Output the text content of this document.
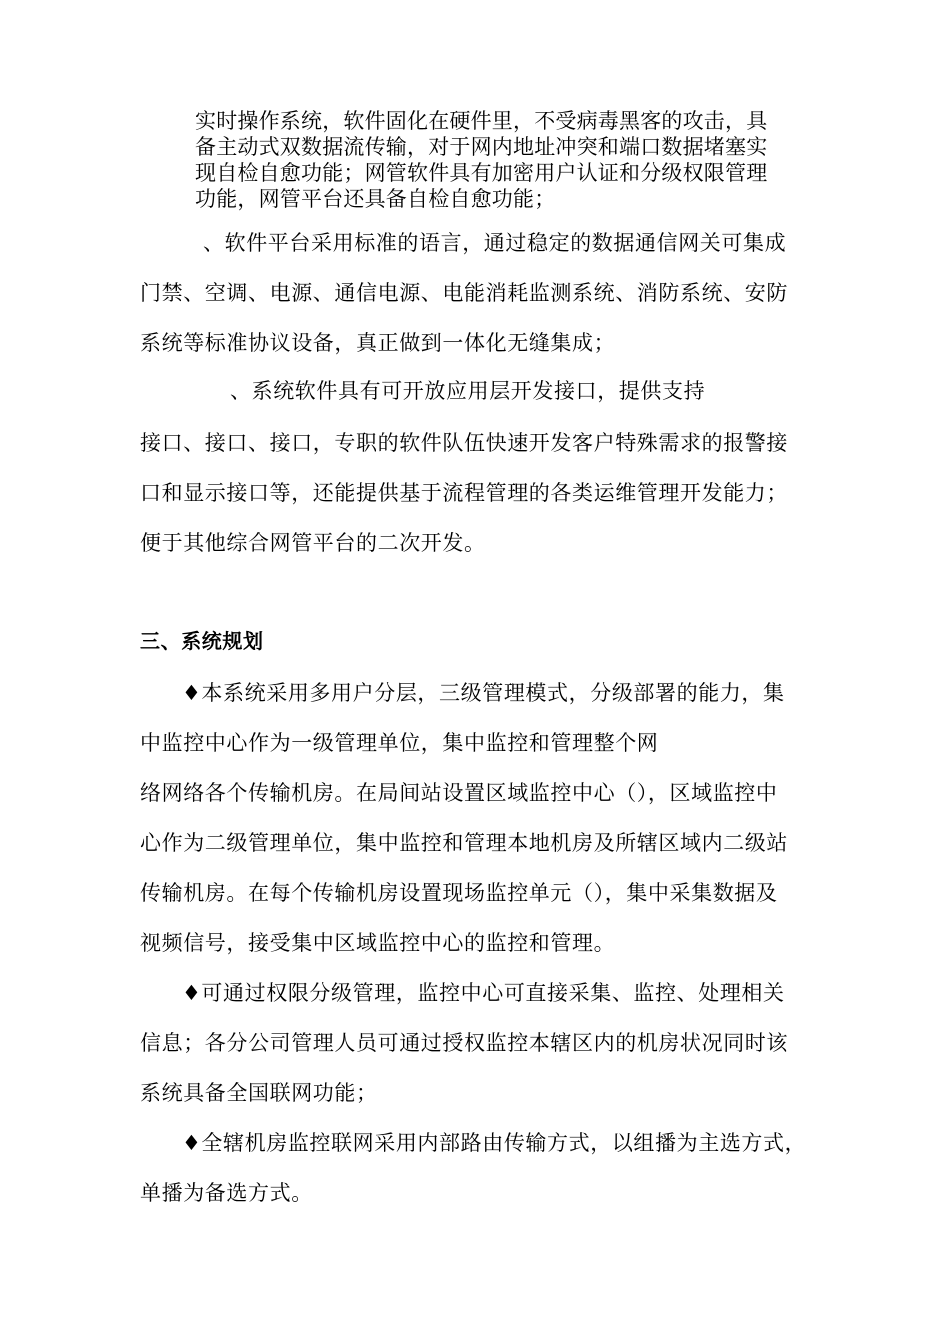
实时操作系统，软件固化在硬件里，不受病毒黑客的攻击，具
备主动式双数据流传输，对于网内地址冲突和端口数据堵塞实
现自检自愈功能；网管软件具有加密用户认证和分级权限管理
功能，网管平台还具备自检自愈功能；
、软件平台采用标准的语言，通过稳定的数据通信网关可集成
门禁、空调、电源、通信电源、电能消耗监测系统、消防系统、安防
系统等标准协议设备，真正做到一体化无缝集成；
、系统软件具有可开放应用层开发接口，提供支持
接口、接口、接口，专职的软件队伍快速开发客户特殊需求的报警接
口和显示接口等，还能提供基于流程管理的各类运维管理开发能力；
便于其他综合网管平台的二次开发。
三、系统规划
♦本系统采用多用户分层，三级管理模式，分级部署的能力，集
中监控中心作为一级管理单位，集中监控和管理整个网
络网络各个传输机房。在局间站设置区域监控中心（），区域监控中
心作为二级管理单位，集中监控和管理本地机房及所辖区域内二级站
传输机房。在每个传输机房设置现场监控单元（），集中采集数据及
视频信号，接受集中区域监控中心的监控和管理。
♦可通过权限分级管理，监控中心可直接采集、监控、处理相关
信息；各分公司管理人员可通过授权监控本辖区内的机房状况同时该
系统具备全国联网功能；
♦全辖机房监控联网采用内部路由传输方式，以组播为主选方式，
单播为备选方式。
